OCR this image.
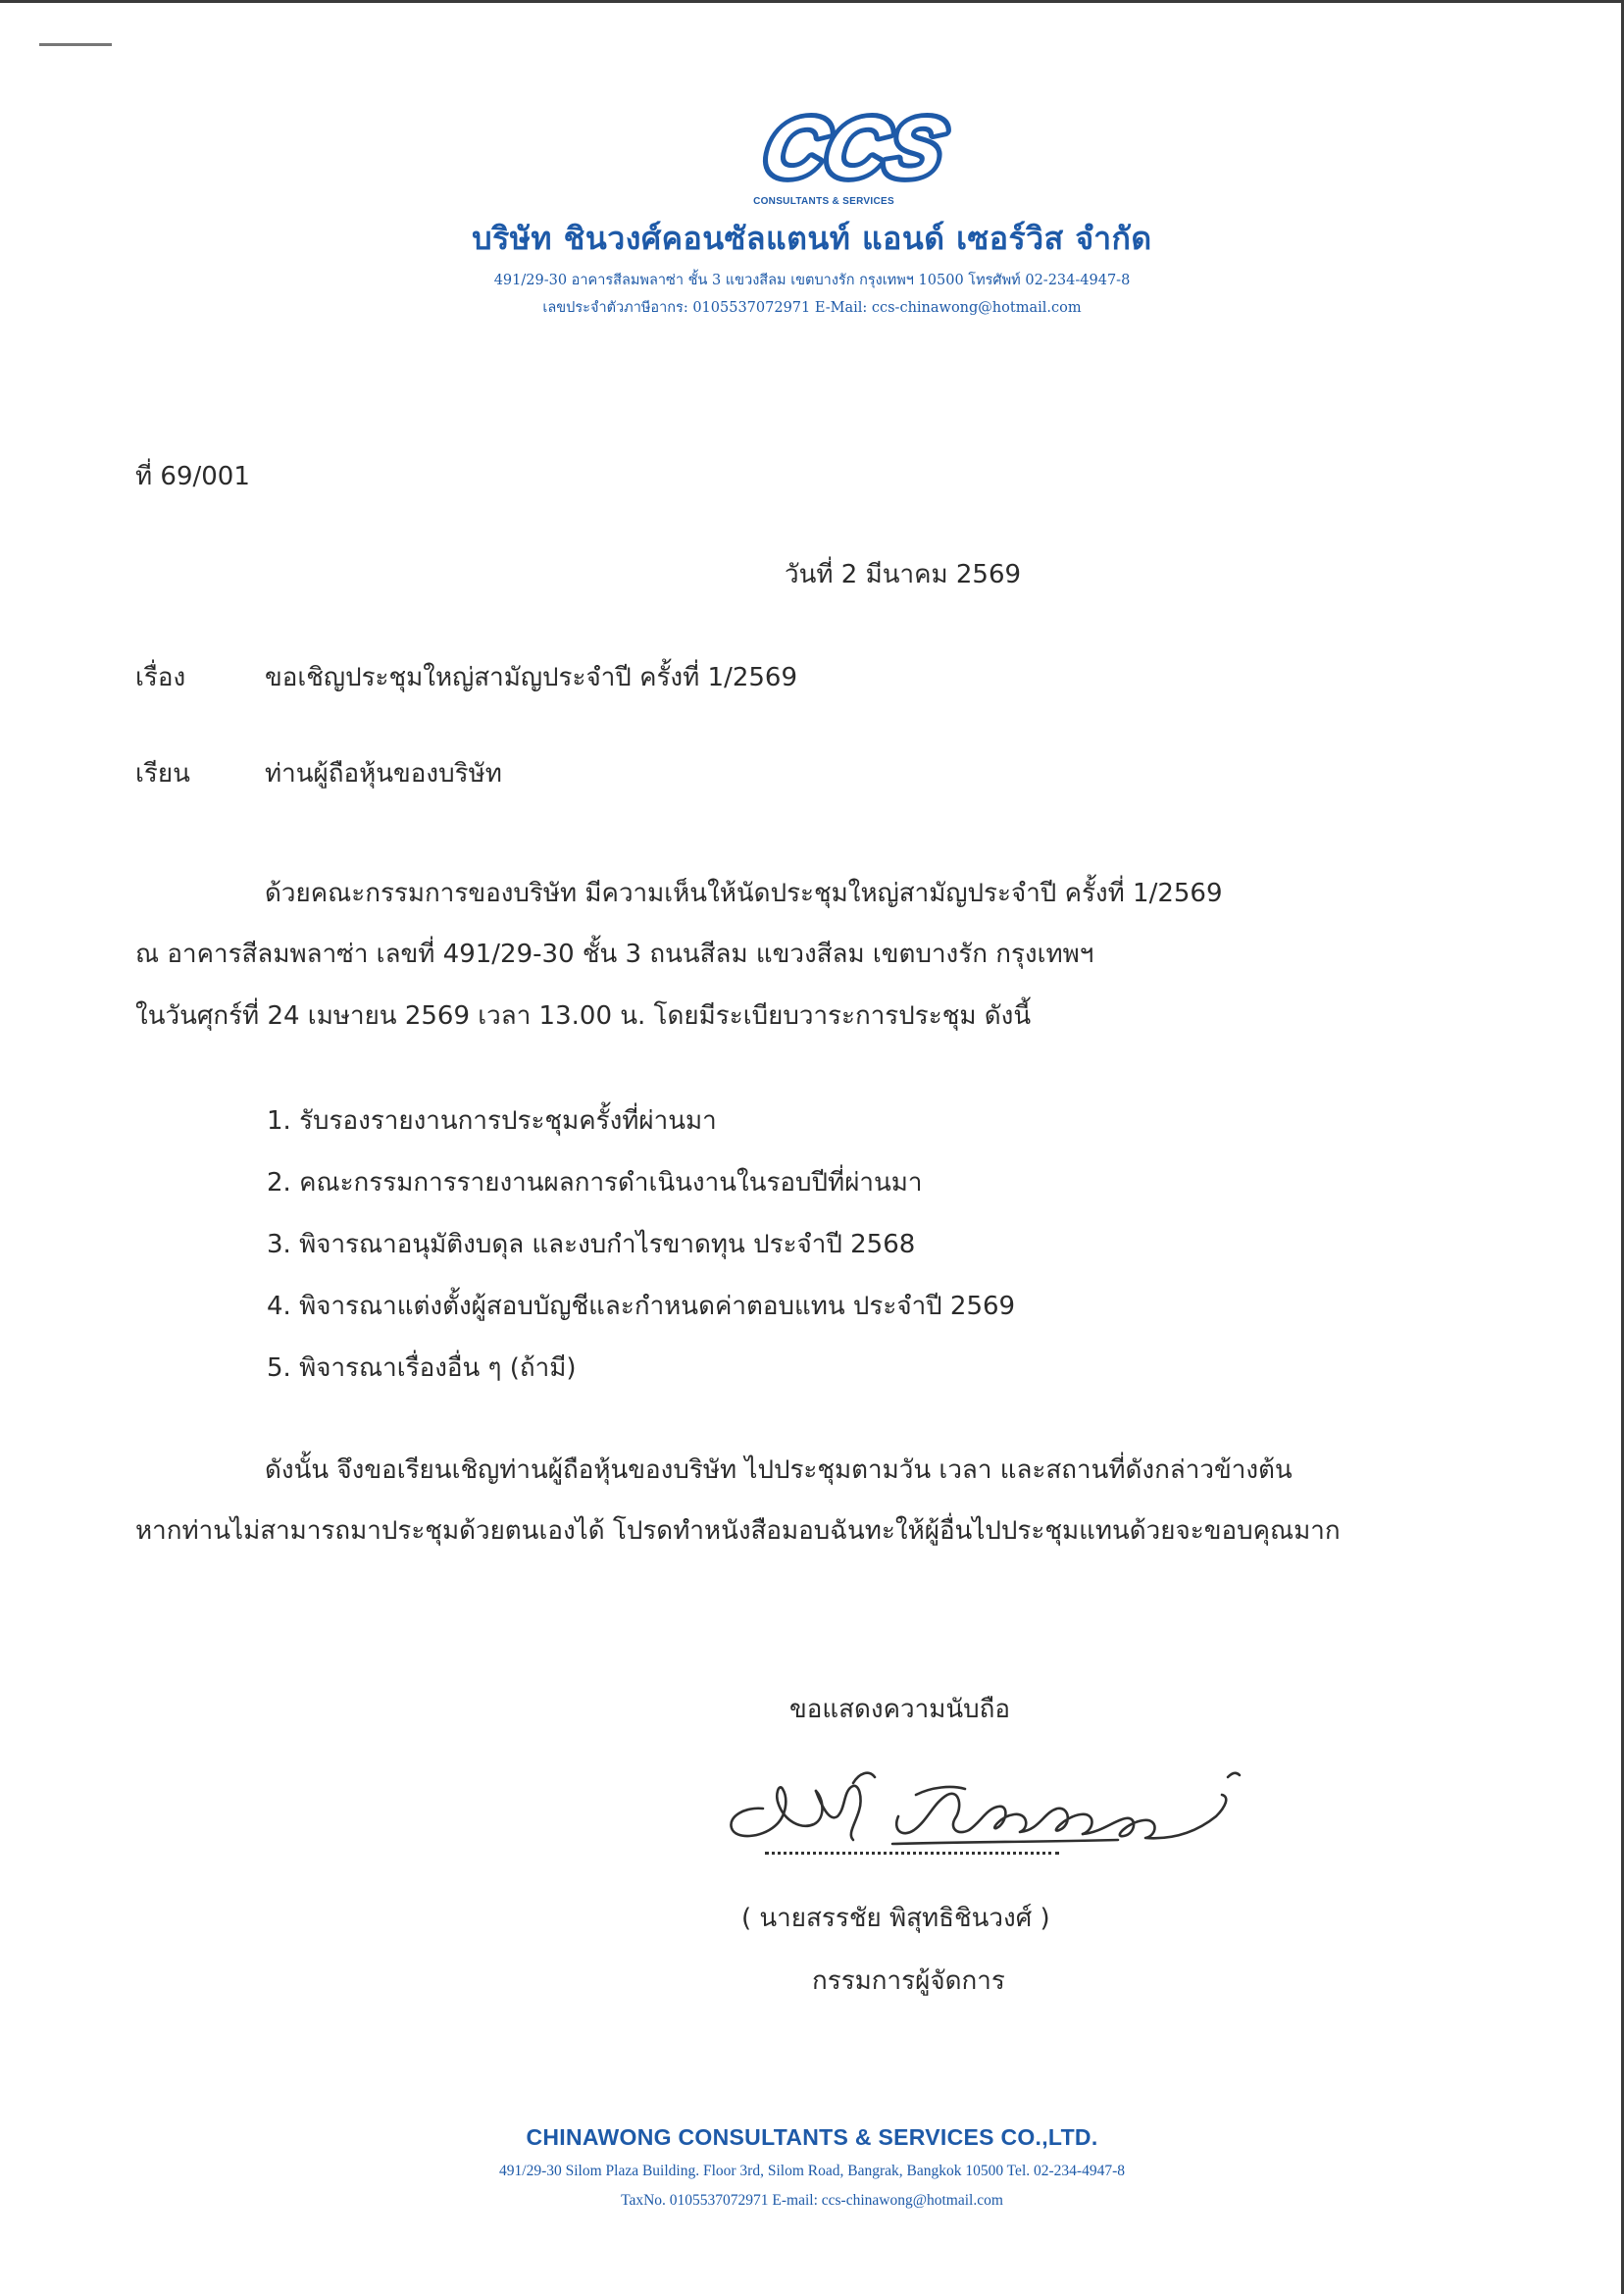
CCS
CONSULTANTS & SERVICES
บริษัท ชินวงศ์คอนซัลแตนท์ แอนด์ เซอร์วิส จำกัด
491/29-30 อาคารสีลมพลาซ่า ชั้น 3 แขวงสีลม เขตบางรัก กรุงเทพฯ 10500 โทรศัพท์ 02-234-4947-8
เลขประจำตัวภาษีอากร: 0105537072971 E-Mail: ccs-chinawong@hotmail.com
ที่ 69/001
วันที่ 2 มีนาคม 2569
เรื่อง	ขอเชิญประชุมใหญ่สามัญประจำปี ครั้งที่ 1/2569
เรียน	ท่านผู้ถือหุ้นของบริษัท
ด้วยคณะกรรมการของบริษัท มีความเห็นให้นัดประชุมใหญ่สามัญประจำปี ครั้งที่ 1/2569
ณ อาคารสีลมพลาซ่า เลขที่ 491/29-30 ชั้น 3 ถนนสีลม แขวงสีลม เขตบางรัก กรุงเทพฯ
ในวันศุกร์ที่ 24 เมษายน 2569 เวลา 13.00 น. โดยมีระเบียบวาระการประชุม ดังนี้
1. รับรองรายงานการประชุมครั้งที่ผ่านมา
2. คณะกรรมการรายงานผลการดำเนินงานในรอบปีที่ผ่านมา
3. พิจารณาอนุมัติงบดุล และงบกำไรขาดทุน ประจำปี 2568
4. พิจารณาแต่งตั้งผู้สอบบัญชีและกำหนดค่าตอบแทน ประจำปี 2569
5. พิจารณาเรื่องอื่น ๆ (ถ้ามี)
ดังนั้น จึงขอเรียนเชิญท่านผู้ถือหุ้นของบริษัท ไปประชุมตามวัน เวลา และสถานที่ดังกล่าวข้างต้น
หากท่านไม่สามารถมาประชุมด้วยตนเองได้ โปรดทำหนังสือมอบฉันทะให้ผู้อื่นไปประชุมแทนด้วยจะขอบคุณมาก
ขอแสดงความนับถือ
( นายสรรชัย พิสุทธิชินวงศ์ )
กรรมการผู้จัดการ
CHINAWONG CONSULTANTS & SERVICES CO.,LTD.
491/29-30 Silom Plaza Building. Floor 3rd, Silom Road, Bangrak, Bangkok 10500 Tel. 02-234-4947-8
TaxNo. 0105537072971 E-mail: ccs-chinawong@hotmail.com
